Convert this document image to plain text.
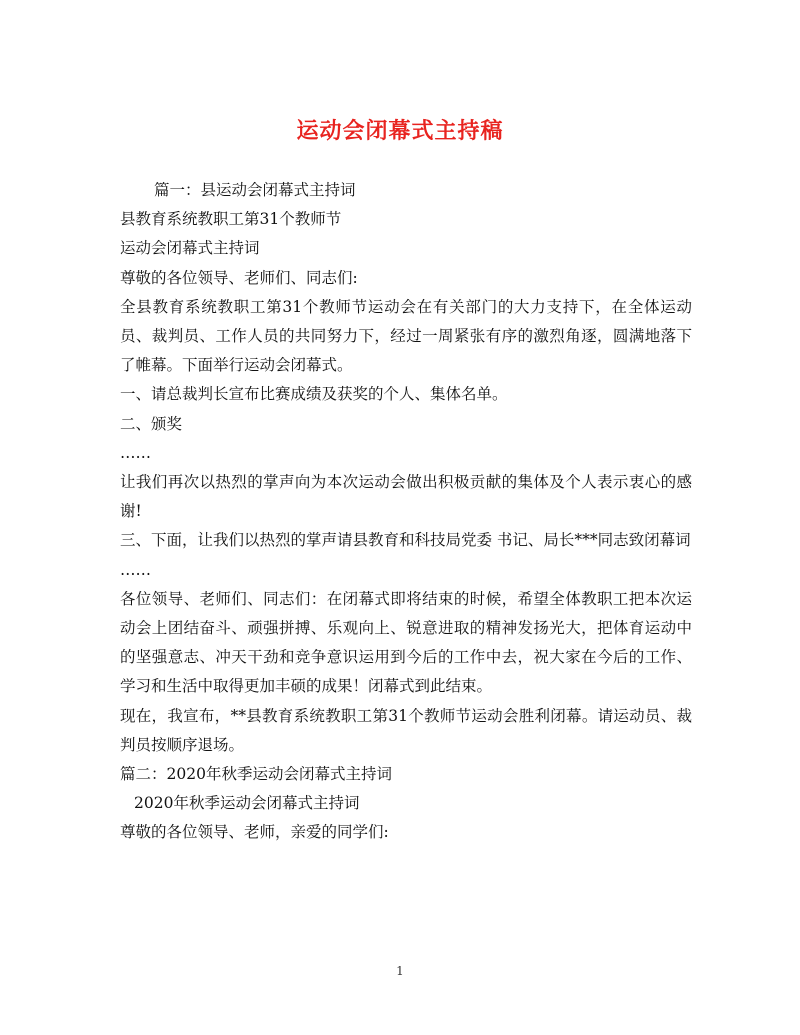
运动会闭幕式主持稿

篇一：县运动会闭幕式主持词

县教育系统教职工第31个教师节

运动会闭幕式主持词

尊敬的各位领导、老师们、同志们:

全县教育系统教职工第31个教师节运动会在有关部门的大力支持下，在全体运动员、裁判员、工作人员的共同努力下，经过一周紧张有序的激烈角逐，圆满地落下了帷幕。下面举行运动会闭幕式。

一、请总裁判长宣布比赛成绩及获奖的个人、集体名单。

二、颁奖

……

让我们再次以热烈的掌声向为本次运动会做出积极贡献的集体及个人表示衷心的感谢!

三、下面，让我们以热烈的掌声请县教育和科技局党委 书记、局长***同志致闭幕词

……

各位领导、老师们、同志们：在闭幕式即将结束的时候，希望全体教职工把本次运动会上团结奋斗、顽强拼搏、乐观向上、锐意进取的精神发扬光大，把体育运动中的坚强意志、冲天干劲和竞争意识运用到今后的工作中去，祝大家在今后的工作、学习和生活中取得更加丰硕的成果！闭幕式到此结束。

现在，我宣布，**县教育系统教职工第31个教师节运动会胜利闭幕。请运动员、裁判员按顺序退场。

篇二：2020年秋季运动会闭幕式主持词

2020年秋季运动会闭幕式主持词

尊敬的各位领导、老师，亲爱的同学们:

1
